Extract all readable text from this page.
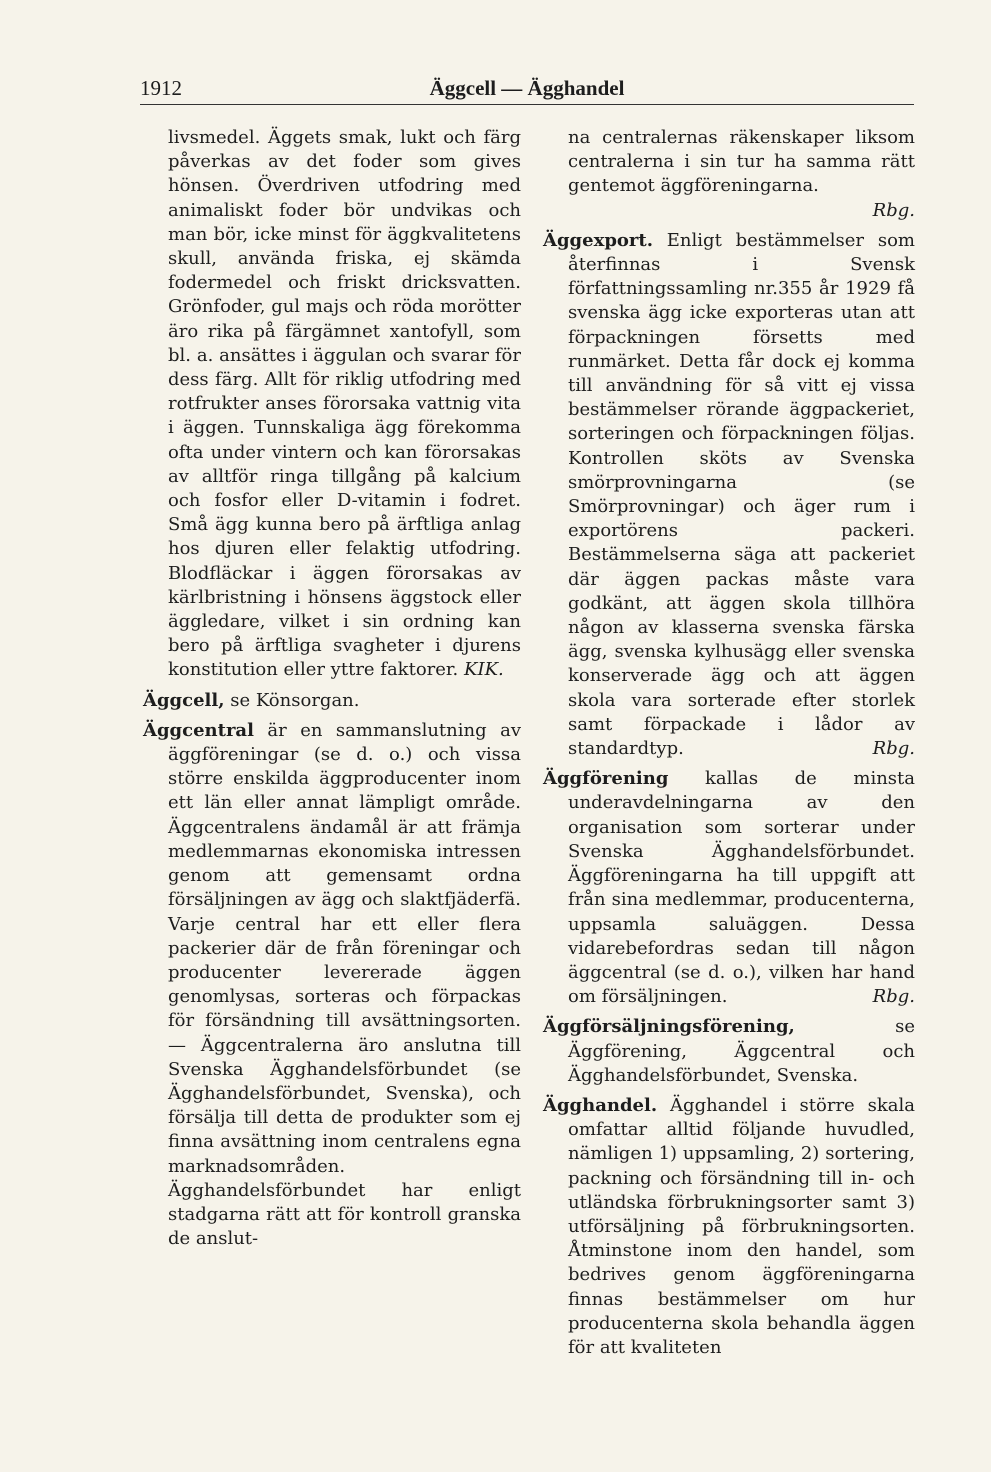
1912	Äggcell — Ägghandel

livsmedel. Äggets smak, lukt och färg påverkas av det foder som gives hönsen. Överdriven utfodring med animaliskt foder bör undvikas och man bör, icke minst för äggkvalitetens skull, använda friska, ej skämda fodermedel och friskt dricksvatten. Grönfoder, gul majs och röda morötter äro rika på färgämnet xantofyll, som bl. a. ansättes i äggulan och svarar för dess färg. Allt för riklig utfodring med rotfrukter anses förorsaka vattnig vita i äggen. Tunnskaliga ägg förekomma ofta under vintern och kan förorsakas av alltför ringa tillgång på kalcium och fosfor eller D-vitamin i fodret. Små ägg kunna bero på ärftliga anlag hos djuren eller felaktig utfodring. Blodfläckar i äggen förorsakas av kärlbristning i hönsens äggstock eller äggledare, vilket i sin ordning kan bero på ärftliga svagheter i djurens konstitution eller yttre faktorer. KIK.

Äggcell, se Könsorgan.

Äggcentral är en sammanslutning av äggföreningar (se d. o.) och vissa större enskilda äggproducenter inom ett län eller annat lämpligt område. Äggcentralens ändamål är att främja medlemmarnas ekonomiska intressen genom att gemensamt ordna försäljningen av ägg och slaktfjäderfä. Varje central har ett eller flera packerier där de från föreningar och producenter levererade äggen genomlysas, sorteras och förpackas för försändning till avsättningsorten. — Äggcentralerna äro anslutna till Svenska Ägghandelsförbundet (se Ägghandelsförbundet, Svenska), och försälja till detta de produkter som ej finna avsättning inom centralens egna marknadsområden. Ägghandelsförbundet har enligt stadgarna rätt att för kontroll granska de anslut-

na centralernas räkenskaper liksom centralerna i sin tur ha samma rätt gentemot äggföreningarna.
Rbg.

Äggexport. Enligt bestämmelser som återfinnas i Svensk författningssamling nr.355 år 1929 få svenska ägg icke exporteras utan att förpackningen försetts med runmärket. Detta får dock ej komma till användning för så vitt ej vissa bestämmelser rörande äggpackeriet, sorteringen och förpackningen följas. Kontrollen sköts av Svenska smörprovningarna (se Smörprovningar) och äger rum i exportörens packeri. Bestämmelserna säga att packeriet där äggen packas måste vara godkänt, att äggen skola tillhöra någon av klasserna svenska färska ägg, svenska kylhusägg eller svenska konserverade ägg och att äggen skola vara sorterade efter storlek samt förpackade i lådor av standardtyp.	Rbg.

Äggförening kallas de minsta underavdelningarna av den organisation som sorterar under Svenska Ägghandelsförbundet. Äggföreningarna ha till uppgift att från sina medlemmar, producenterna, uppsamla saluäggen. Dessa vidarebefordras sedan till någon äggcentral (se d. o.), vilken har hand om försäljningen.	Rbg.

Äggförsäljningsförening,	se Äggförening, Äggcentral och Ägghandelsförbundet, Svenska.

Ägghandel. Ägghandel i större skala omfattar alltid följande huvudled, nämligen 1) uppsamling, 2) sortering, packning och försändning till in- och utländska förbrukningsorter samt 3) utförsäljning på förbrukningsorten. Åtminstone inom den handel, som bedrives genom äggföreningarna finnas bestämmelser om hur producenterna skola behandla äggen för att kvaliteten
